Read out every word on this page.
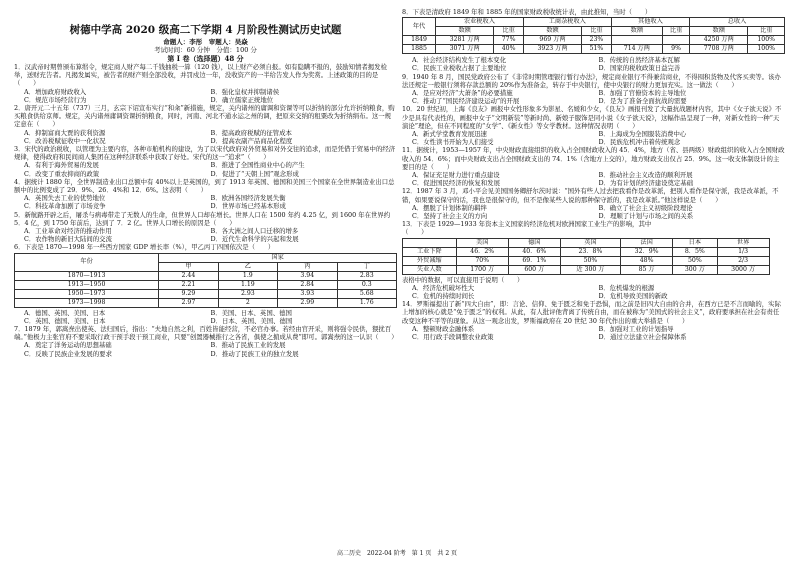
树德中学高 2020 级高二下学期 4 月阶段性测试历史试题
命题人：李彤　审题人：吴焱
考试时间：60 分钟　分值：100 分
第 I 卷（选择题）48 分

1．汉武帝时期曾颁布算缗令，规定商人财产每二千钱抽税一算（120 钱），以上财产必须自报。如有隐瞒不报的，鼓励知情者揭发检举，送财充告者。凡揭发属实，被告者的财产则全部没收，并罚戍边一年，没收资产的一半给告发人作为奖赏。上述政策的目的是（　　）

A．增加政府财政收入	B．强化皇权并抑制诸侯
C．规范市场经营行为	D．确立儒家正统地位

2．唐开元二十五年（737）三月，玄宗下诏宣布实行“和籴”新措施，规定，关内诸州的庸调和资课等可以折纳的部分允许折纳粮食，购买粮食供给京师。规定，关内诸州庸调资课折纳粮食，同时，河南、河北不通水运之州的调，把原来交纳的租粟改为折纳绢布。这一规定意在（　　）

A．抑制富商大贾的获利资源	B．提高政府税赋的征管成本
C．改善税赋征收中一化状况	D．提高农副产品商品化程度

3．宋代的政治税收，以管理为主要内容，各种市舶机构的建设，为了以宋代政府对外贸易和对外交往的追求，而是凭借于贸易中的经济规律，使得政府和民间商人集团在这种经济联系中获取了好处。宋代的这一“追求”（　　）

A．有利于海外贸易的发展	B．推进了全国性商业中心的产生
C．改变了重农抑商的政策	D．促进了“天朝上国”观念形成

4．据统计 1880 年，全世界制造业出口总额中有 40%以上是英国的，到了 1913 年英国、德国和美国三个国家在全世界制造业出口总额中的比例变成了 29．9%、26．4%和 12．6%。这表明（　　）

A．英国失去工业的优势地位	B．欧洲各国经济发展失衡
C．科技革命加剧了市场竞争	D．世界市场已经基本形成

5．新航路开辟之后，屠杀与病毒带走了无数人的生命，但世界人口却在增长。世界人口在 1500 年约 4.25 亿，到 1600 年在世界约 5．4 亿，到 1750 年前后，达到了 7．2 亿。世界人口增长的原因是（　　）

A．工业革命对经济的推动作用	B．各大洲之间人口迁移的增多
C．农作物的新旧大陆间的交流	D．近代生命科学的兴起和发展

6．下表是 1870—1998 年一些西方国家 GDP 增长率（%），甲乙丙丁四国依次是（　　）

年份	国家			
	甲	乙	丙	丁
1870—1913	2.44	1.9	3.94	2.83
1913—1950	2.21	1.19	2.84	0.3
1950—1973	9.29	2.93	3.93	5.68
1973—1998	2.97	2	2.99	1.76
A．德国、英国、美国、日本	B．美国、日本、英国、德国
C．英国、德国、美国、日本	D．日本、英国、美国、德国

7．1879 年，郭嵩焘出使英、法归国后，指出：“夫地自然之利，百姓皆能经营，不必官办事。若经由官开采，则将强令民供，猥扰百端。”他极力主张官府不要采取行政干预手段干预工商业，只要“创置器械推行之各省，俱使之掮成从费”即可。郭嵩焘的这一认识（　　）

A．奠定了洋务运动的思想基础	B．推动了民族工业的发展
C．反映了民族企业发展的要求	D．推动了民族工业的独立发展

8．下表是清政府 1849 年和 1885 年的国家财政税收统计表，由此推知，当时（　　）

年代	农业税收入		工商杂税收入		其他收入		总收入	
	数额	比重	数额	比重	数额	比重	数额	比重
1849	3281 万两	77%	969 万两	23%			4250 万两	100%
1885	3071 万两	40%	3923 万两	51%	714 万两	9%	7708 万两	100%
A．社会经济结构发生了根本变化	B．传统的自然经济基本瓦解
C．民族工业税收占据了主要地位	D．国家的税收政策日益完善

9．1940 年 8 月，国民党政府公布了《非常时期管理银行暂行办法》，规定商业银行不得兼营商业，不得囤积货物及代客买卖等。该办法还规定一般银行须将存款总额的 20%作为准备金，转存于中央银行，使中央银行的财力更加充实。这一做法（　　）

A．是应对经济“大萧条”的必要措施	B．加强了官僚资本的主导地位
C．推动了“国民经济建设运动”的开展	D．是为了准备全面抗战的需要

10．20 世纪初，上海《良友》画报中女性形象多为影星、名媛和少女，《良友》画报刊发了大量抗战题材内容，其中《女子欲天说》不少是具有代表性的，画报中女子“文明新装”等新时尚、新娘子服饰是同小说《女子欲天说》，这幅作品呈现了一种，对新女性的一种“天演论”理论，但在不同程度的“女学”、《新女性》等女学教材。这种情况表明（　　）

A．新式学堂教育发展迅速	B．上海成为全国服装消费中心
C．女性读书开始为人们接受	D．民族危机冲击着传统观念

11．据统计，1953—1957 年，中央财政直接组织的收入占全国财政收入的 45．4%，地方（省、县两级）财政组织的收入占全国财政收入的 54．6%；而中央财政支出占全国财政支出的 74．1%（含地方上交的），地方财政支出仅占 25．9%。这一收支体制设计的主要目的是（　　）

A．保证充足财力进行重点建设	B．推动社会主义改造的顺利开展
C．促进国民经济的恢复和发展	D．为有计划的经济建设奠定基础

12．1987 年 3 月，邓小平会见美国国务卿舒尔茨时说：“国外有些人过去把我看作是改革派，把别人看作是保守派，我是改革派，不错，如果要说保守的话，我也是很保守的，但不是像某些人说的那种保守派的，我是改革派。”他这样说是（　　）

A．摆脱了计划体制的羁绊	B．确立了社会主义初级阶段理论
C．坚持了社会主义的方向	D．理顺了计划与市场之间的关系

13．下表是 1929—1933 年资本主义国家的经济危机对欧洲国家工业生产的影响，其中

（　　）
	美国	德国	英国	法国	日本	世界
工业下降	46．2%	40．6%	23．8%	32．9%	8．5%	1/3
外贸减缩	70%	69．1%	50%	48%	50%	2/3
失业人数	1700 万	600 万	近 300 万	85 万	300 万	3000 万

表格中的数据，可以直接用于说明（　　）

A．经济危机破坏性大	B．危机爆发的根源
C．危机的持续时间长	D．危机导致美国的新政

14．罗斯福提出了新“四大自由”，即：言论、信仰、免于匮乏和免于恐惧，而之前是旧四大自由的合并，在西方已是不言而喻的，实际上增加的核心就是“免于匮乏”的权利。从此，有人批评他背离了传统自由，而在被称为“美国式的社会主义”，政府要承担在社会有责任改变这种不平等的现象。从这一观念出发，罗斯福政府在 20 世纪 30 年代作出的重大举措是（　　）

A．整顿财政金融体系	B．加强对工业的计划指导
C．用行政手段调整农业政策	D．通过立法建立社会保障体系
高二历史　2022-04 阶考　第 1 页　共 2 页
